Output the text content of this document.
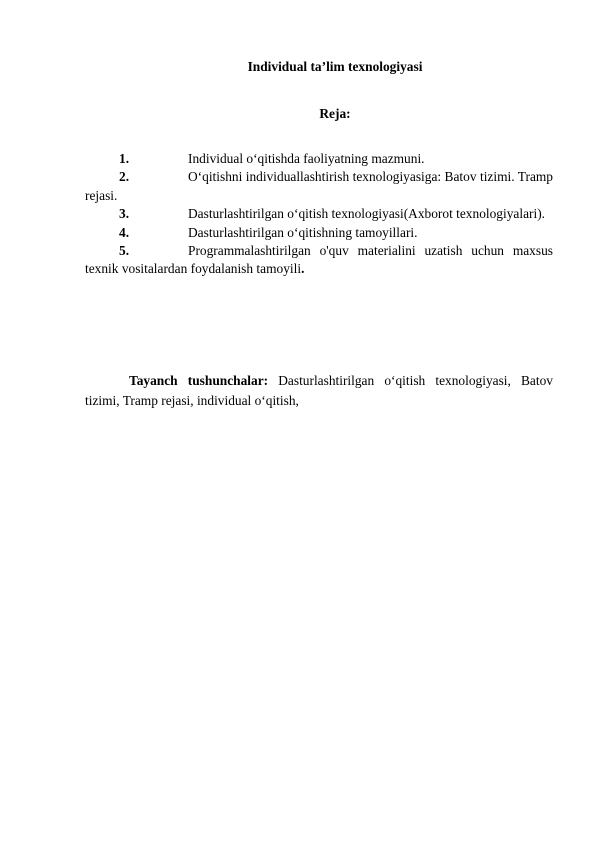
Individual ta’lim texnologiyasi
Reja:
1.	Individual o‘qitishda faoliyatning mazmuni.
2.	O‘qitishni individuallashtirish texnologiyasiga: Batov tizimi. Tramp rejasi.
3.	Dasturlashtirilgan o‘qitish texnologiyasi(Axborot texnologiyalari).
4.	Dasturlashtirilgan o‘qitishning tamoyillari.
5.	Programmalashtirilgan o'quv materialini uzatish uchun maxsus texnik vositalardan foydalanish tamoyili.
Tayanch tushunchalar: Dasturlashtirilgan o‘qitish texnologiyasi, Batov tizimi, Tramp rejasi, individual o‘qitish,
